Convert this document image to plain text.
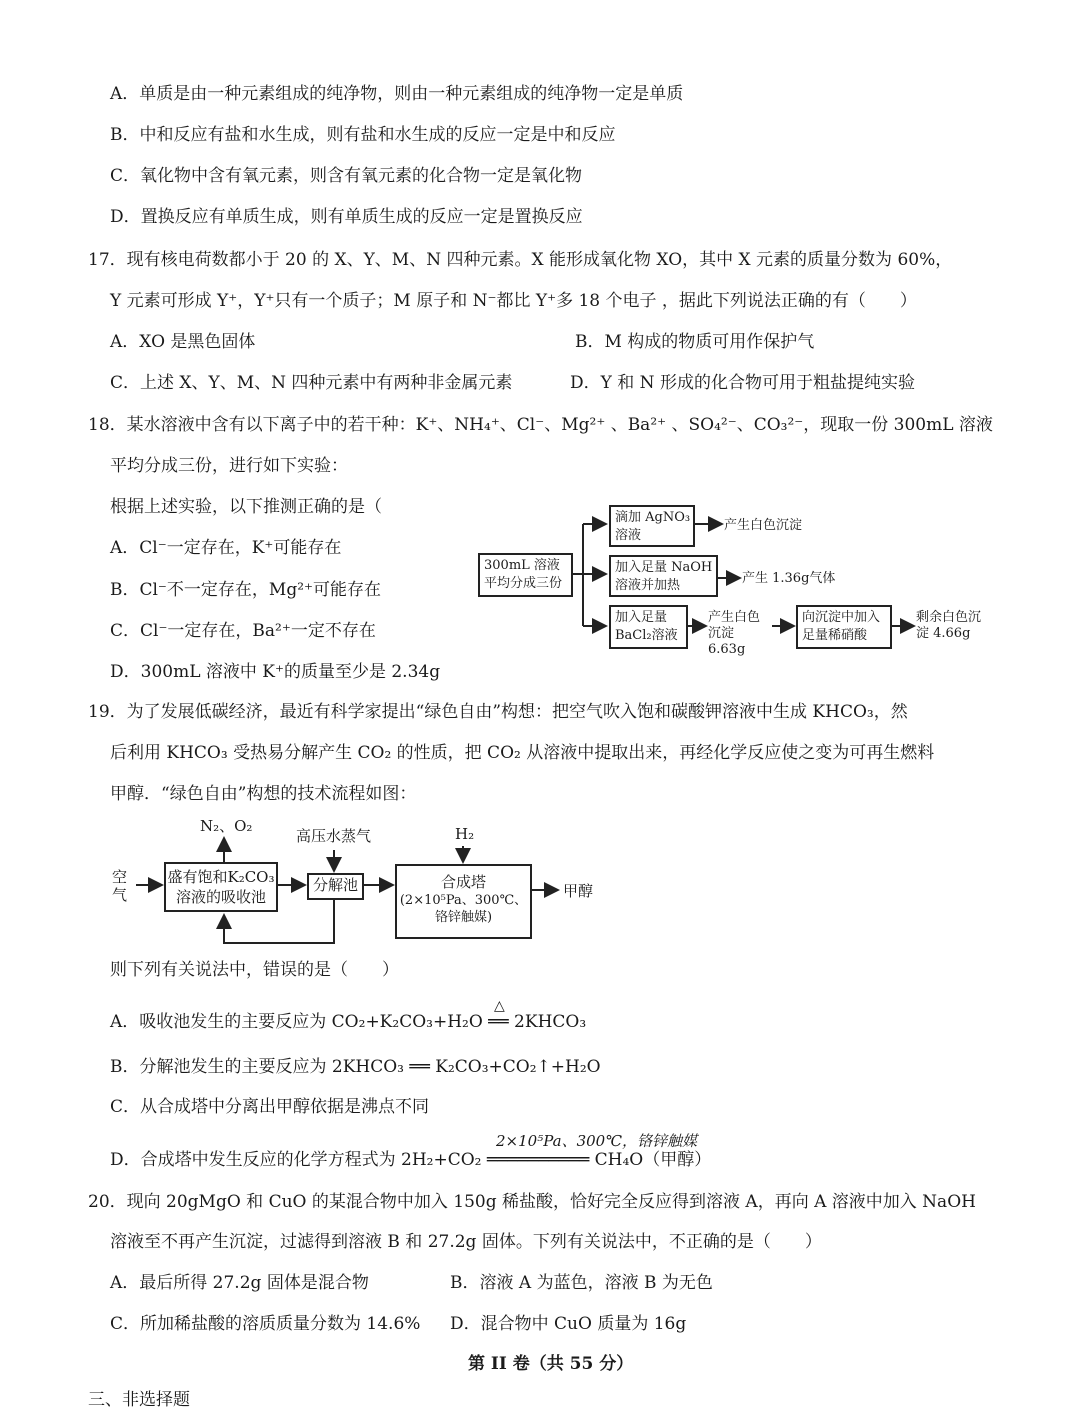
A．单质是由一种元素组成的纯净物，则由一种元素组成的纯净物一定是单质
B．中和反应有盐和水生成，则有盐和水生成的反应一定是中和反应
C．氧化物中含有氧元素，则含有氧元素的化合物一定是氧化物
D．置换反应有单质生成，则有单质生成的反应一定是置换反应
17．现有核电荷数都小于 20 的 X、Y、M、N 四种元素。X 能形成氧化物 XO，其中 X 元素的质量分数为 60%，
Y 元素可形成 Y⁺，Y⁺只有一个质子；M 原子和 N⁻都比 Y⁺多 18 个电子 ，据此下列说法正确的有（　　）
A．XO 是黑色固体	B．M 构成的物质可用作保护气
C．上述 X、Y、M、N 四种元素中有两种非金属元素	D．Y 和 N 形成的化合物可用于粗盐提纯实验
18．某水溶液中含有以下离子中的若干种：K⁺、NH₄⁺、Cl⁻、Mg²⁺ 、Ba²⁺ 、SO₄²⁻、CO₃²⁻，现取一份 300mL 溶液
平均分成三份，进行如下实验：
根据上述实验，以下推测正确的是（
A．Cl⁻一定存在，K⁺可能存在
B．Cl⁻不一定存在，Mg²⁺可能存在
C．Cl⁻一定存在，Ba²⁺一定不存在
D．300mL 溶液中 K⁺的质量至少是 2.34g
300mL 溶液平均分成三份
滴加 AgNO₃溶液
产生白色沉淀
加入足量 NaOH溶液并加热	产生 1.36g气体
加入足量BaCl₂溶液
产生白色沉淀 6.63g
向沉淀中加入足量稀硝酸
剩余白色沉淀 4.66g
19．为了发展低碳经济，最近有科学家提出“绿色自由”构想：把空气吹入饱和碳酸钾溶液中生成 KHCO₃，然
后利用 KHCO₃ 受热易分解产生 CO₂ 的性质，把 CO₂ 从溶液中提取出来，再经化学反应使之变为可再生燃料
甲醇．“绿色自由”构想的技术流程如图：
空气
N₂、O₂
高压水蒸气	H₂
盛有饱和K₂CO₃溶液的吸收池
分解池	合成塔
(2×10⁵Pa、300℃、铬锌触媒)
甲醇
则下列有关说法中，错误的是（　　）
△
A．吸收池发生的主要反应为 CO₂+K₂CO₃+H₂O ══ 2KHCO₃
B．分解池发生的主要反应为 2KHCO₃ ══ K₂CO₃+CO₂↑+H₂O
C．从合成塔中分离出甲醇依据是沸点不同
2×10⁵Pa、300℃，铬锌触媒
D．合成塔中发生反应的化学方程式为 2H₂+CO₂ ══════════ CH₄O（甲醇）
20．现向 20gMgO 和 CuO 的某混合物中加入 150g 稀盐酸，恰好完全反应得到溶液 A，再向 A 溶液中加入 NaOH
溶液至不再产生沉淀，过滤得到溶液 B 和 27.2g 固体。下列有关说法中，不正确的是（　　）
A．最后所得 27.2g 固体是混合物	B．溶液 A 为蓝色，溶液 B 为无色
C．所加稀盐酸的溶质质量分数为 14.6% D．混合物中 CuO 质量为 16g
第 II 卷（共 55 分）
三、非选择题
